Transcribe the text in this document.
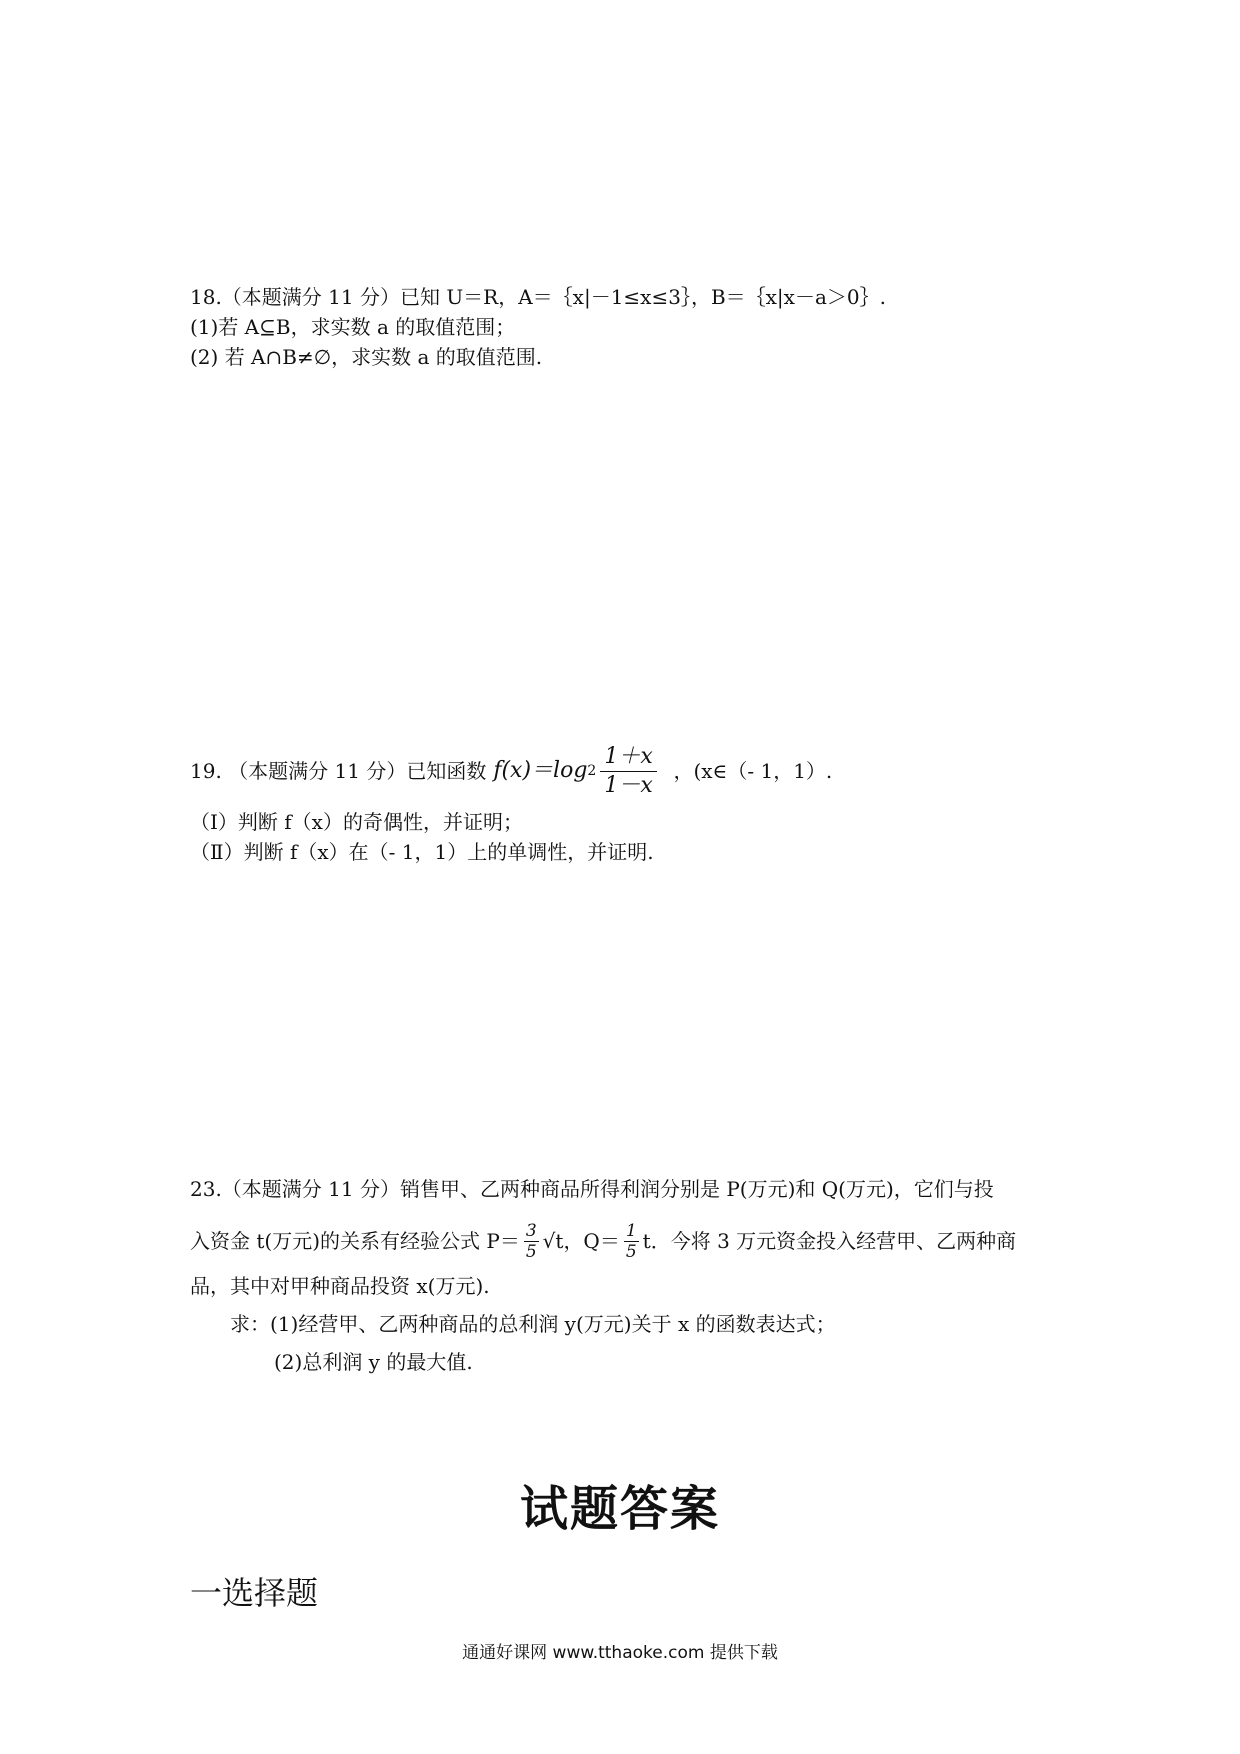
18.（本题满分 11 分）已知 U＝R，A＝｛x|－1≤x≤3｝，B＝｛x|x－a＞0｝.
(1)若 A⊆B，求实数 a 的取值范围；
(2) 若 A∩B≠∅，求实数 a 的取值范围.
19. （本题满分 11 分）已知函数
f(x)＝log $2 \frac{1+x}{1-x}$
，(x∈（- 1，1）.
（Ⅰ）判断 f（x）的奇偶性，并证明；
（Ⅱ）判断 f（x）在（- 1，1）上的单调性，并证明.
23.（本题满分 11 分）销售甲、乙两种商品所得利润分别是 P(万元)和 Q(万元)，它们与投
入资金 t(万元)的关系有经验公式 $P= \frac{3}{5} √t$，$Q= \frac{1}{5}$ t．今将 3 万元资金投入经营甲、乙两种商
品，其中对甲种商品投资 x(万元).
求：(1)经营甲、乙两种商品的总利润 y(万元)关于 x 的函数表达式；
(2)总利润 y 的最大值.
试题答案
一选择题
通通好课网 www.tthaoke.com 提供下载
